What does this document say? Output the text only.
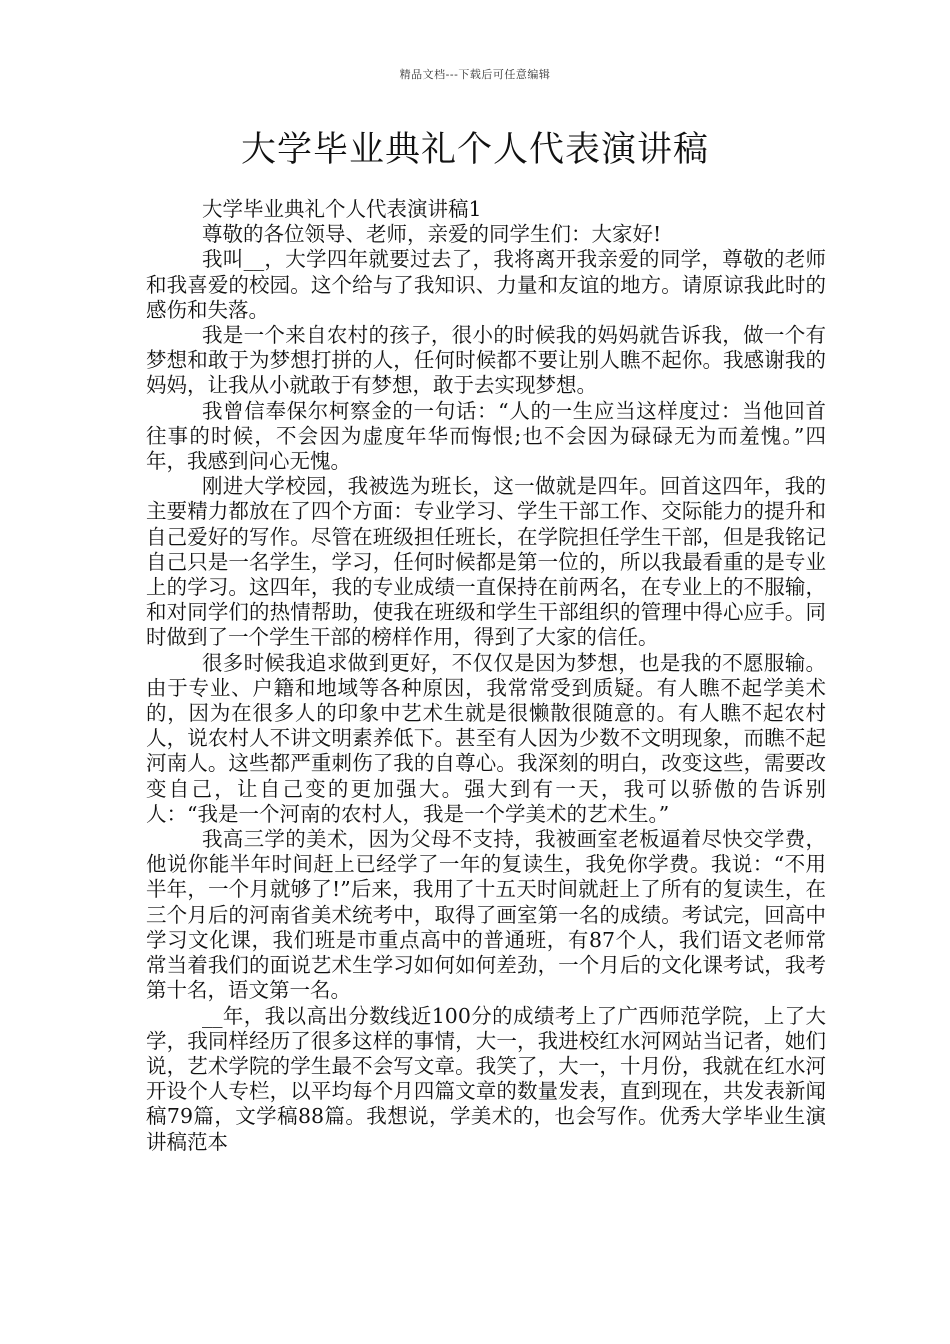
精品文档---下载后可任意编辑
大学毕业典礼个人代表演讲稿

大学毕业典礼个人代表演讲稿1

尊敬的各位领导、老师，亲爱的同学生们：大家好!

我叫__，大学四年就要过去了，我将离开我亲爱的同学，尊敬的老师和我喜爱的校园。这个给与了我知识、力量和友谊的地方。请原谅我此时的感伤和失落。

我是一个来自农村的孩子，很小的时候我的妈妈就告诉我，做一个有梦想和敢于为梦想打拼的人，任何时候都不要让别人瞧不起你。我感谢我的妈妈，让我从小就敢于有梦想，敢于去实现梦想。

我曾信奉保尔柯察金的一句话：“人的一生应当这样度过：当他回首往事的时候，不会因为虚度年华而悔恨;也不会因为碌碌无为而羞愧。”四年，我感到问心无愧。

刚进大学校园，我被选为班长，这一做就是四年。回首这四年，我的主要精力都放在了四个方面：专业学习、学生干部工作、交际能力的提升和自己爱好的写作。尽管在班级担任班长，在学院担任学生干部，但是我铭记自己只是一名学生，学习，任何时候都是第一位的，所以我最看重的是专业上的学习。这四年，我的专业成绩一直保持在前两名，在专业上的不服输，和对同学们的热情帮助，使我在班级和学生干部组织的管理中得心应手。同时做到了一个学生干部的榜样作用，得到了大家的信任。

很多时候我追求做到更好，不仅仅是因为梦想，也是我的不愿服输。由于专业、户籍和地域等各种原因，我常常受到质疑。有人瞧不起学美术的，因为在很多人的印象中艺术生就是很懒散很随意的。有人瞧不起农村人，说农村人不讲文明素养低下。甚至有人因为少数不文明现象，而瞧不起河南人。这些都严重刺伤了我的自尊心。我深刻的明白，改变这些，需要改变自己，让自己变的更加强大。强大到有一天，我可以骄傲的告诉别人：“我是一个河南的农村人，我是一个学美术的艺术生。”

我高三学的美术，因为父母不支持，我被画室老板逼着尽快交学费，他说你能半年时间赶上已经学了一年的复读生，我免你学费。我说：“不用半年，一个月就够了!”后来，我用了十五天时间就赶上了所有的复读生，在三个月后的河南省美术统考中，取得了画室第一名的成绩。考试完，回高中学习文化课，我们班是市重点高中的普通班，有87个人，我们语文老师常常当着我们的面说艺术生学习如何如何差劲，一个月后的文化课考试，我考第十名，语文第一名。

__年，我以高出分数线近100分的成绩考上了广西师范学院，上了大学，我同样经历了很多这样的事情，大一，我进校红水河网站当记者，她们说，艺术学院的学生最不会写文章。我笑了，大一，十月份，我就在红水河开设个人专栏，以平均每个月四篇文章的数量发表，直到现在，共发表新闻稿79篇，文学稿88篇。我想说，学美术的，也会写作。优秀大学毕业生演讲稿范本
